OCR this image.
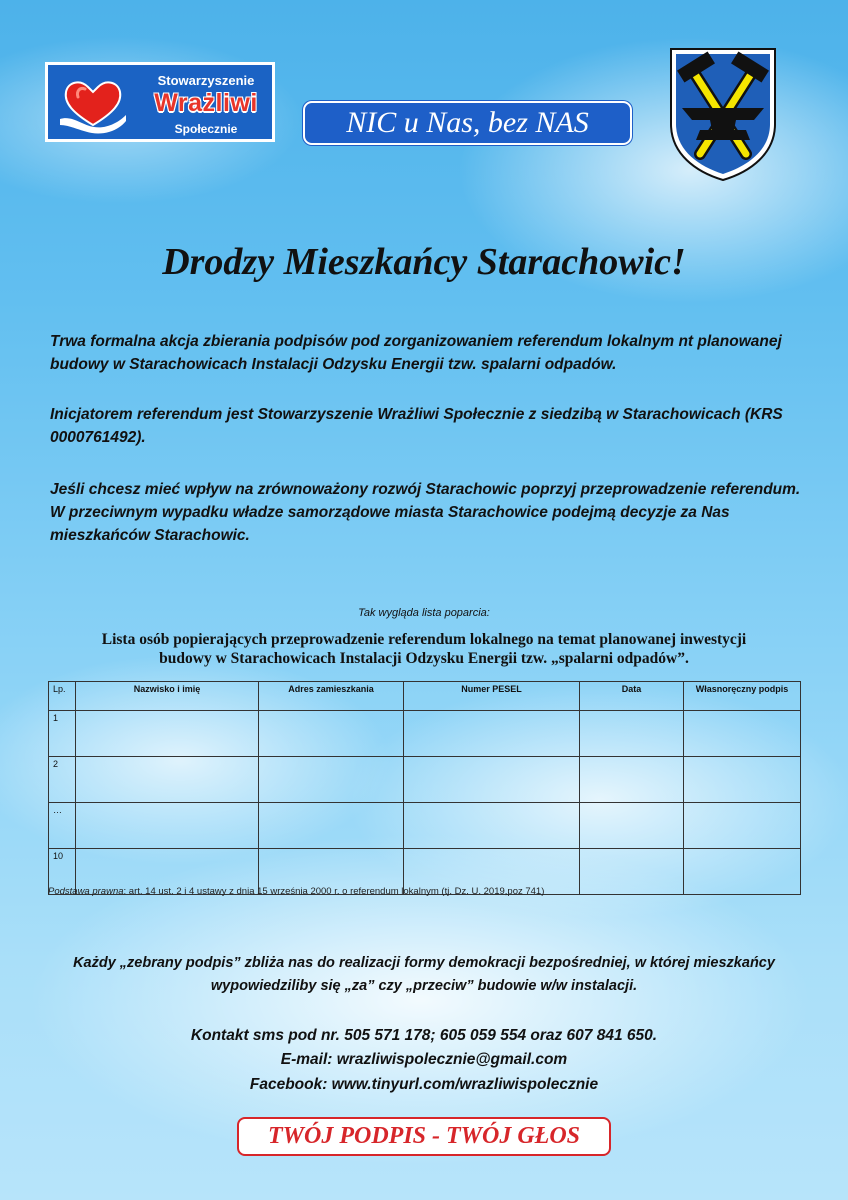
Stowarzyszenie
Wrażliwi
Społecznie	NIC u Nas, bez NAS
Drodzy Mieszkańcy Starachowic!
Trwa formalna akcja zbierania podpisów pod zorganizowaniem referendum lokalnym nt planowanej budowy w Starachowicach Instalacji Odzysku Energii tzw. spalarni odpadów.
Inicjatorem referendum jest Stowarzyszenie Wrażliwi Społecznie z siedzibą w Starachowicach (KRS 0000761492).
Jeśli chcesz mieć wpływ na zrównoważony rozwój Starachowic poprzyj przeprowadzenie referendum. W przeciwnym wypadku władze samorządowe miasta Starachowice podejmą decyzje za Nas mieszkańców Starachowic.
Tak wygląda lista poparcia:
Lista osób popierających przeprowadzenie referendum lokalnego na temat planowanej inwestycji
budowy w Starachowicach Instalacji Odzysku Energii tzw. „spalarni odpadów”.
Lp.	Nazwisko i imię	Adres zamieszkania	Numer PESEL	Data	Własnoręczny podpis
1					
2					
…					
10					
Podstawa prawna: art. 14 ust. 2 i 4 ustawy z dnia 15 września 2000 r. o referendum lokalnym (tj. Dz. U. 2019,poz 741)
Każdy „zebrany podpis” zbliża nas do realizacji formy demokracji bezpośredniej, w której mieszkańcy
wypowiedziliby się „za” czy „przeciw” budowie w/w instalacji.
Kontakt sms pod nr. 505 571 178; 605 059 554 oraz 607 841 650.
E-mail: wrazliwispolecznie@gmail.com
Facebook: www.tinyurl.com/wrazliwispolecznie
TWÓJ PODPIS - TWÓJ GŁOS
